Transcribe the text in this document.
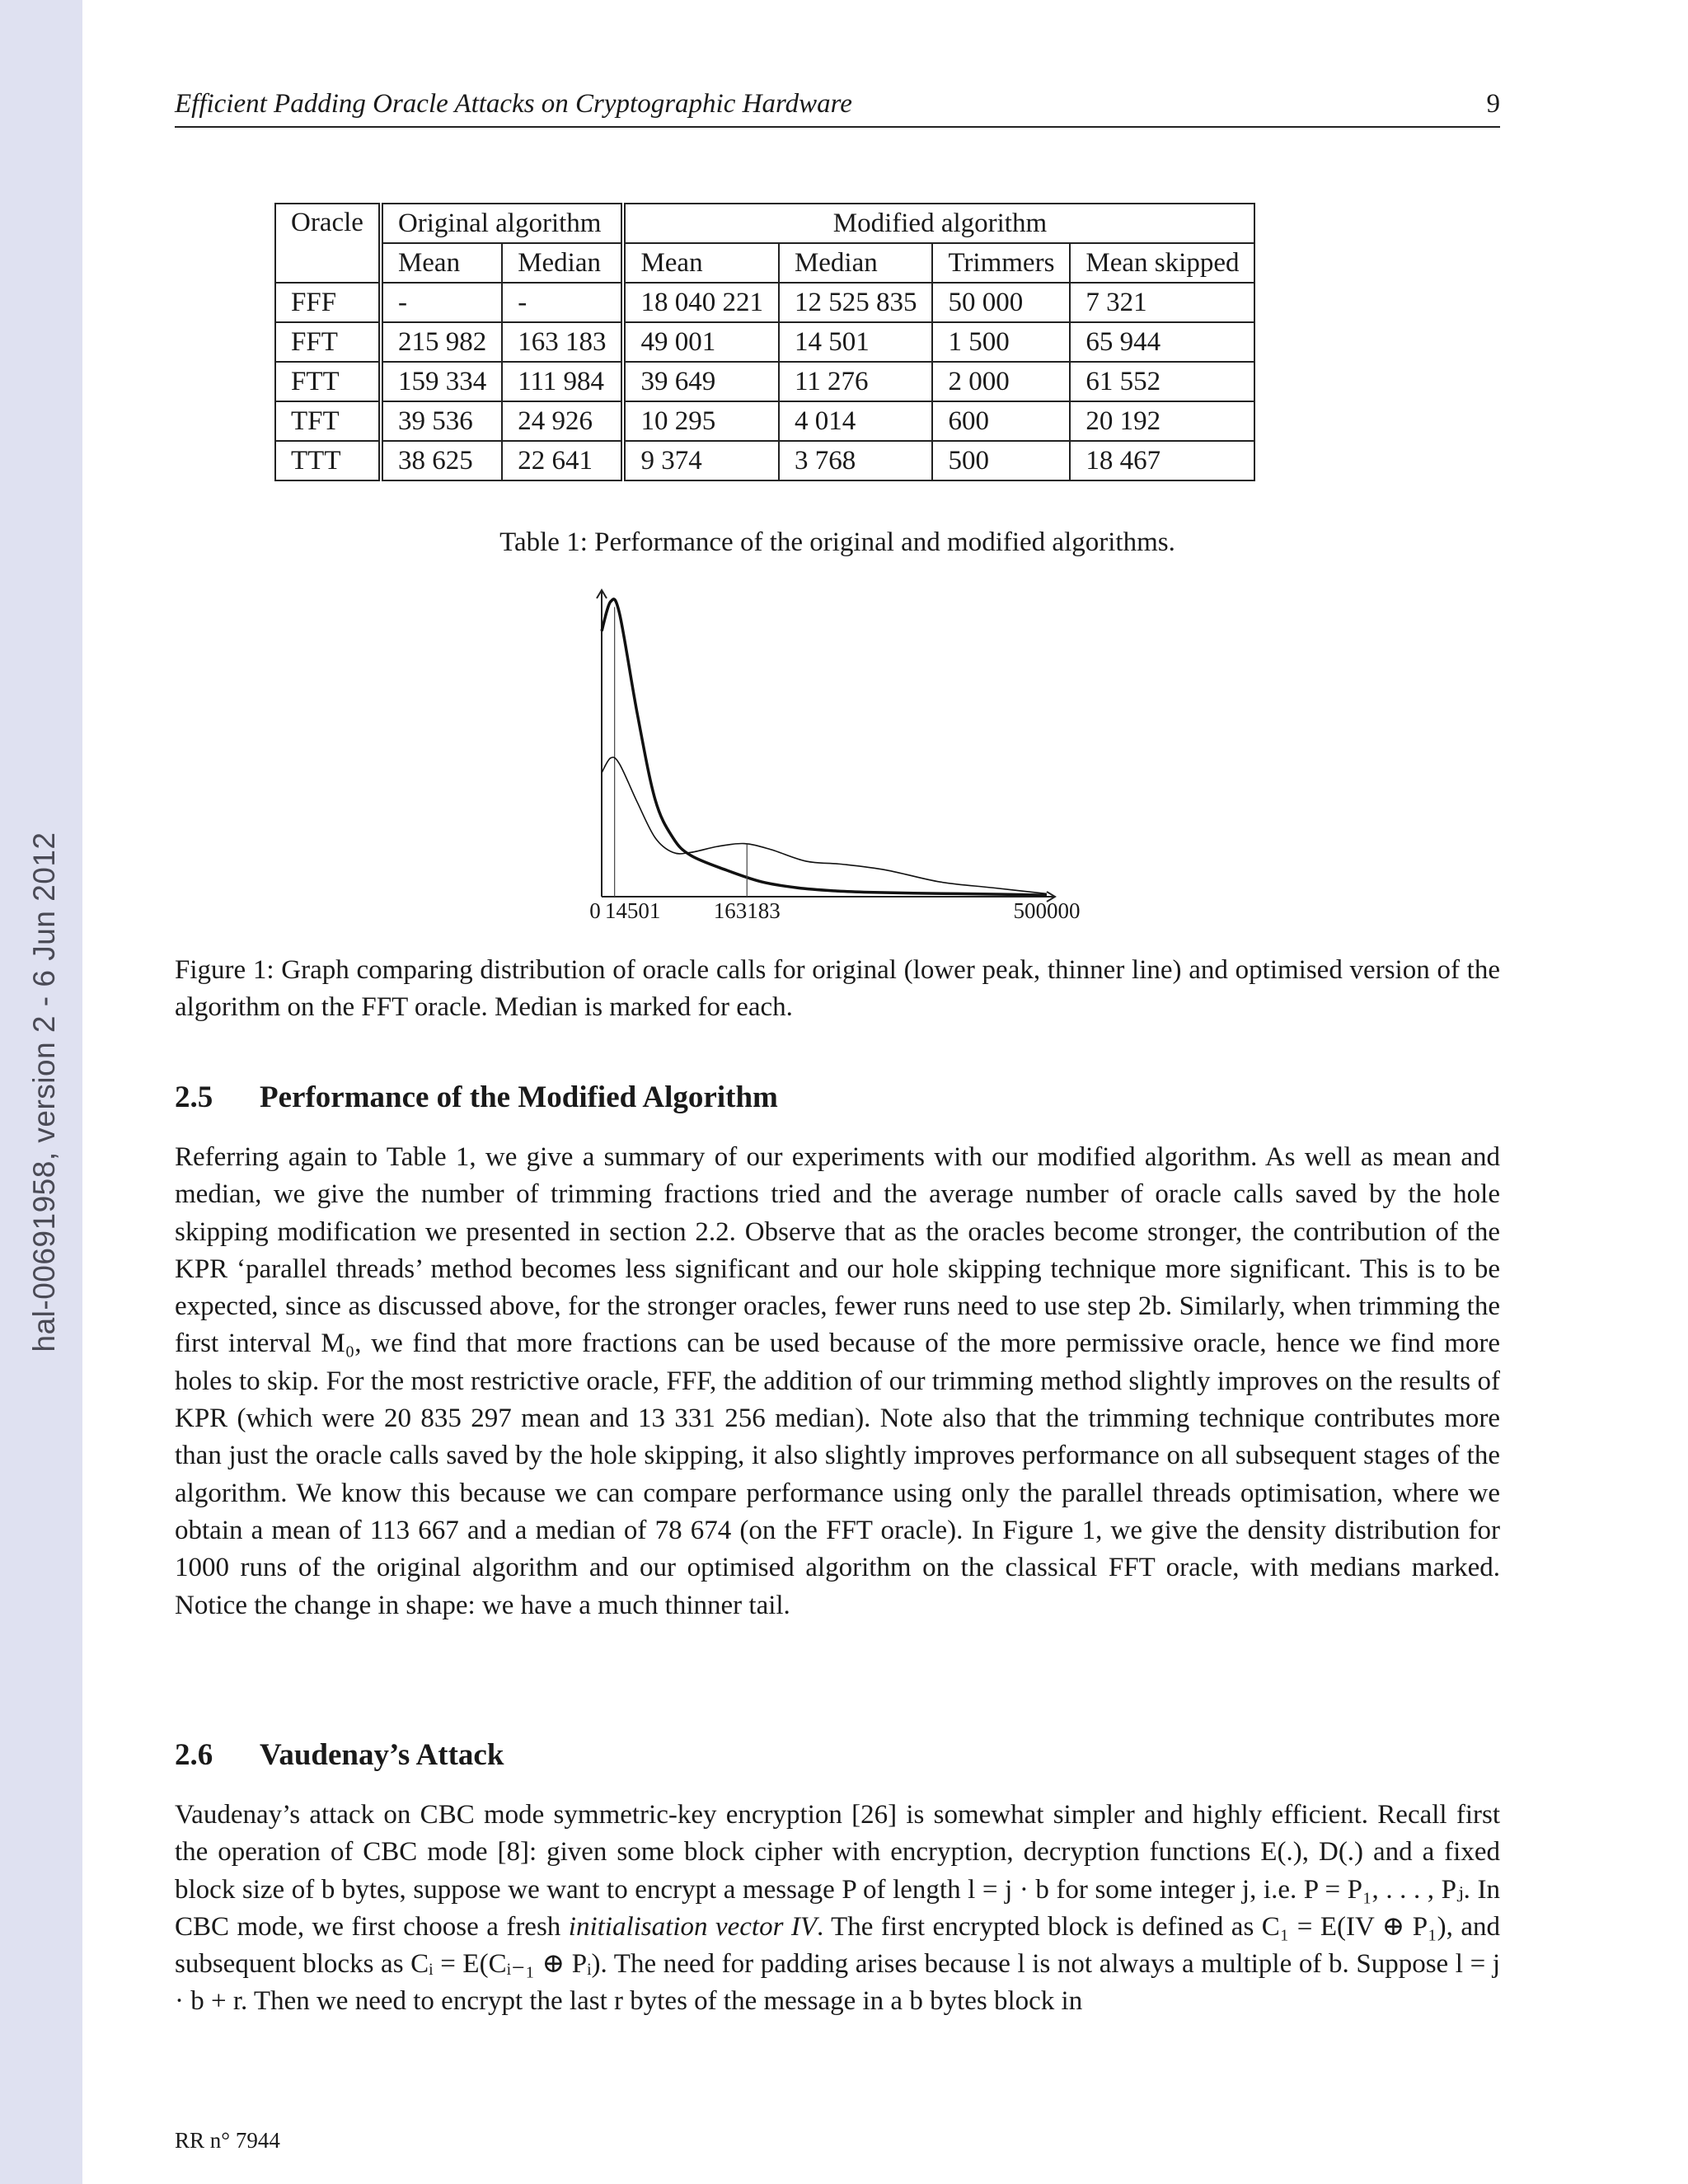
hal-00691958, version 2 - 6 Jun 2012
Efficient Padding Oracle Attacks on Cryptographic Hardware	9
Oracle	Original algorithm		Modified algorithm			
	Mean	Median	Mean	Median	Trimmers	Mean skipped
FFF	-	-	18 040 221	12 525 835	50 000	7 321
FFT	215 982	163 183	49 001	14 501	1 500	65 944
FTT	159 334	111 984	39 649	11 276	2 000	61 552
TFT	39 536	24 926	10 295	4 014	600	20 192
TTT	38 625	22 641	9 374	3 768	500	18 467
Table 1: Performance of the original and modified algorithms.
0 14501 163183	500000
Figure 1: Graph comparing distribution of oracle calls for original (lower peak, thinner line) and optimised version of the algorithm on the FFT oracle. Median is marked for each.
2.5 Performance of the Modified Algorithm
Referring again to Table 1, we give a summary of our experiments with our modified algorithm. As well as mean and median, we give the number of trimming fractions tried and the average number of oracle calls saved by the hole skipping modification we presented in section 2.2. Observe that as the oracles become stronger, the contribution of the KPR ‘parallel threads’ method becomes less significant and our hole skipping technique more significant. This is to be expected, since as discussed above, for the stronger oracles, fewer runs need to use step 2b. Similarly, when trimming the first interval M₀, we find that more fractions can be used because of the more permissive oracle, hence we find more holes to skip. For the most restrictive oracle, FFF, the addition of our trimming method slightly improves on the results of KPR (which were 20 835 297 mean and 13 331 256 median). Note also that the trimming technique contributes more than just the oracle calls saved by the hole skipping, it also slightly improves performance on all subsequent stages of the algorithm. We know this because we can compare performance using only the parallel threads optimisation, where we obtain a mean of 113 667 and a median of 78 674 (on the FFT oracle). In Figure 1, we give the density distribution for 1000 runs of the original algorithm and our optimised algorithm on the classical FFT oracle, with medians marked. Notice the change in shape: we have a much thinner tail.
2.6 Vaudenay’s Attack
Vaudenay’s attack on CBC mode symmetric-key encryption [26] is somewhat simpler and highly efficient. Recall first the operation of CBC mode [8]: given some block cipher with encryption, decryption functions E(.), D(.) and a fixed block size of b bytes, suppose we want to encrypt a message P of length l = j · b for some integer j, i.e. P = P₁, . . . , Pⱼ. In CBC mode, we first choose a fresh initialisation vector IV. The first encrypted block is defined as C₁ = E(IV ⊕ P₁), and subsequent blocks as Cᵢ = E(Cᵢ₋₁ ⊕ Pᵢ). The need for padding arises because l is not always a multiple of b. Suppose l = j · b + r. Then we need to encrypt the last r bytes of the message in a b bytes block in
RR n° 7944
